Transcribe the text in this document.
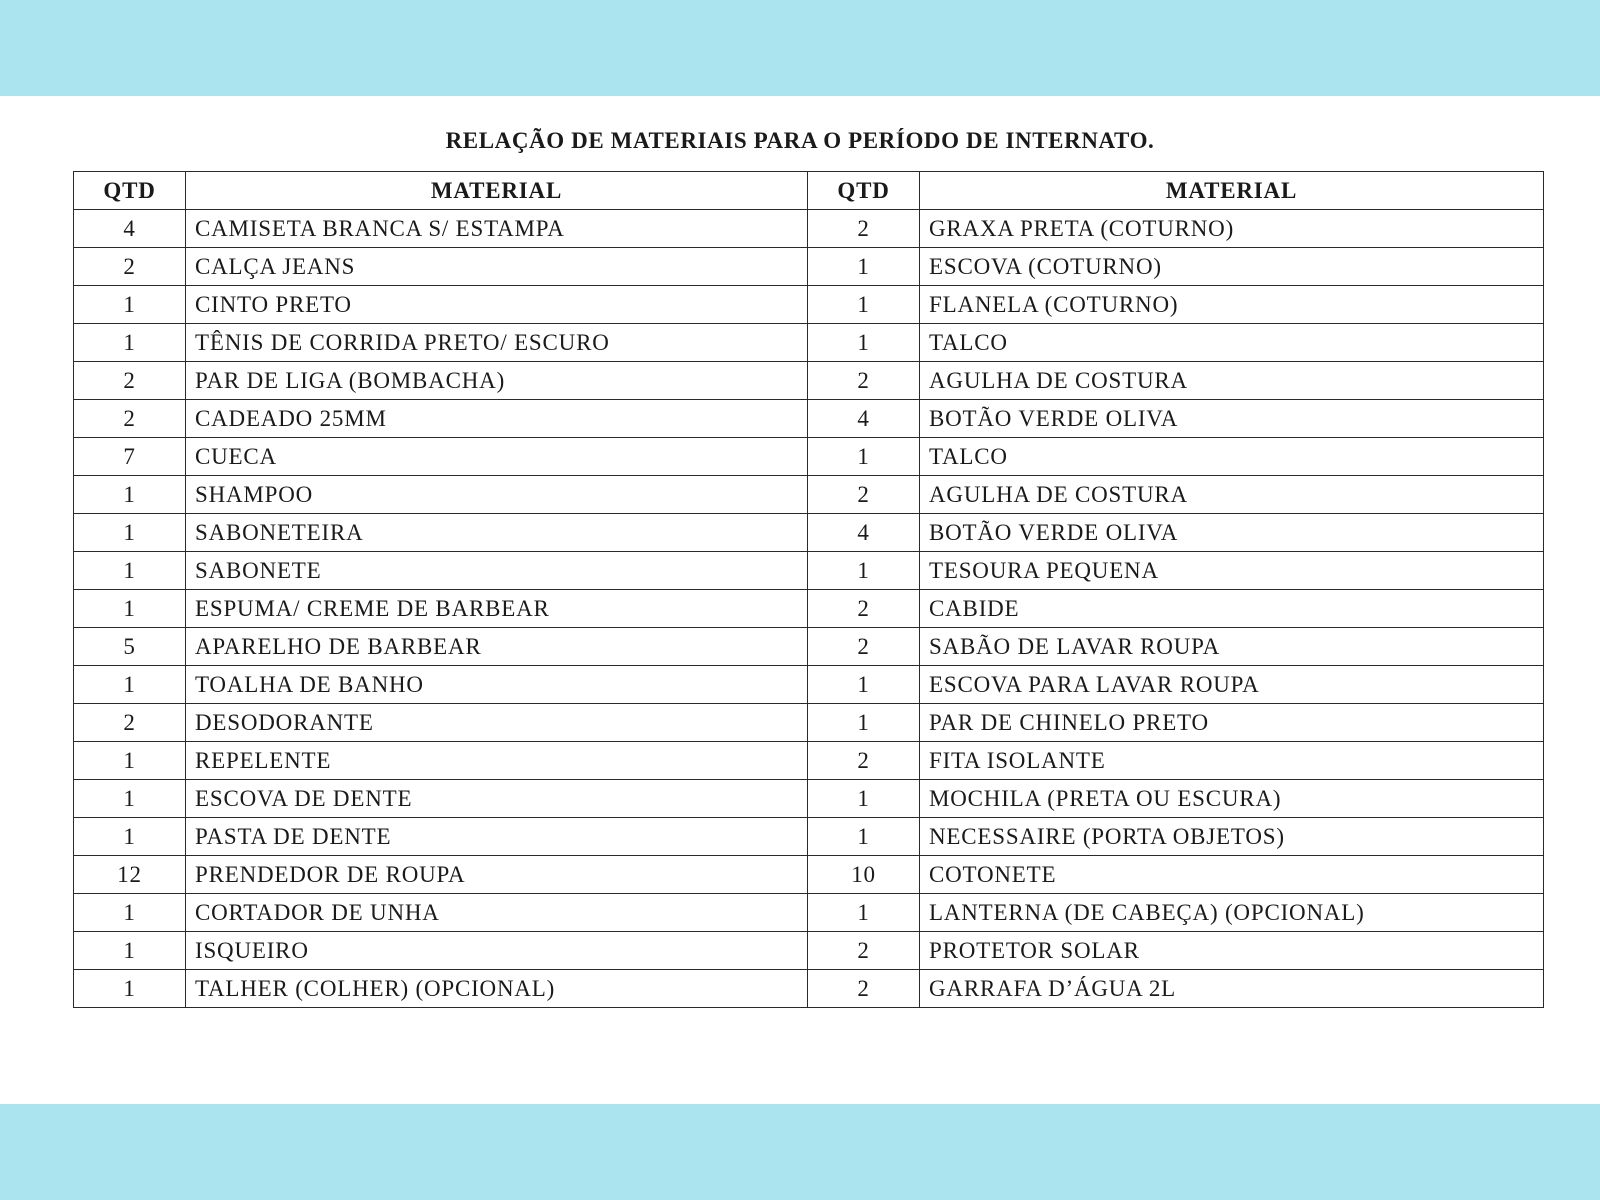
RELAÇÃO DE MATERIAIS PARA O PERÍODO DE INTERNATO.
QTD	MATERIAL	QTD	MATERIAL
4	CAMISETA BRANCA S/ ESTAMPA	2	GRAXA PRETA (COTURNO)
2	CALÇA JEANS	1	ESCOVA (COTURNO)
1	CINTO PRETO	1	FLANELA (COTURNO)
1	TÊNIS DE CORRIDA PRETO/ ESCURO	1	TALCO
2	PAR DE LIGA (BOMBACHA)	2	AGULHA DE COSTURA
2	CADEADO 25MM	4	BOTÃO VERDE OLIVA
7	CUECA	1	TALCO
1	SHAMPOO	2	AGULHA DE COSTURA
1	SABONETEIRA	4	BOTÃO VERDE OLIVA
1	SABONETE	1	TESOURA PEQUENA
1	ESPUMA/ CREME DE BARBEAR	2	CABIDE
5	APARELHO DE BARBEAR	2	SABÃO DE LAVAR ROUPA
1	TOALHA DE BANHO	1	ESCOVA PARA LAVAR ROUPA
2	DESODORANTE	1	PAR DE CHINELO PRETO
1	REPELENTE	2	FITA ISOLANTE
1	ESCOVA DE DENTE	1	MOCHILA (PRETA OU ESCURA)
1	PASTA DE DENTE	1	NECESSAIRE (PORTA OBJETOS)
12	PRENDEDOR DE ROUPA	10	COTONETE
1	CORTADOR DE UNHA	1	LANTERNA (DE CABEÇA) (OPCIONAL)
1	ISQUEIRO	2	PROTETOR SOLAR
1	TALHER (COLHER) (OPCIONAL)	2	GARRAFA D’ÁGUA 2L
